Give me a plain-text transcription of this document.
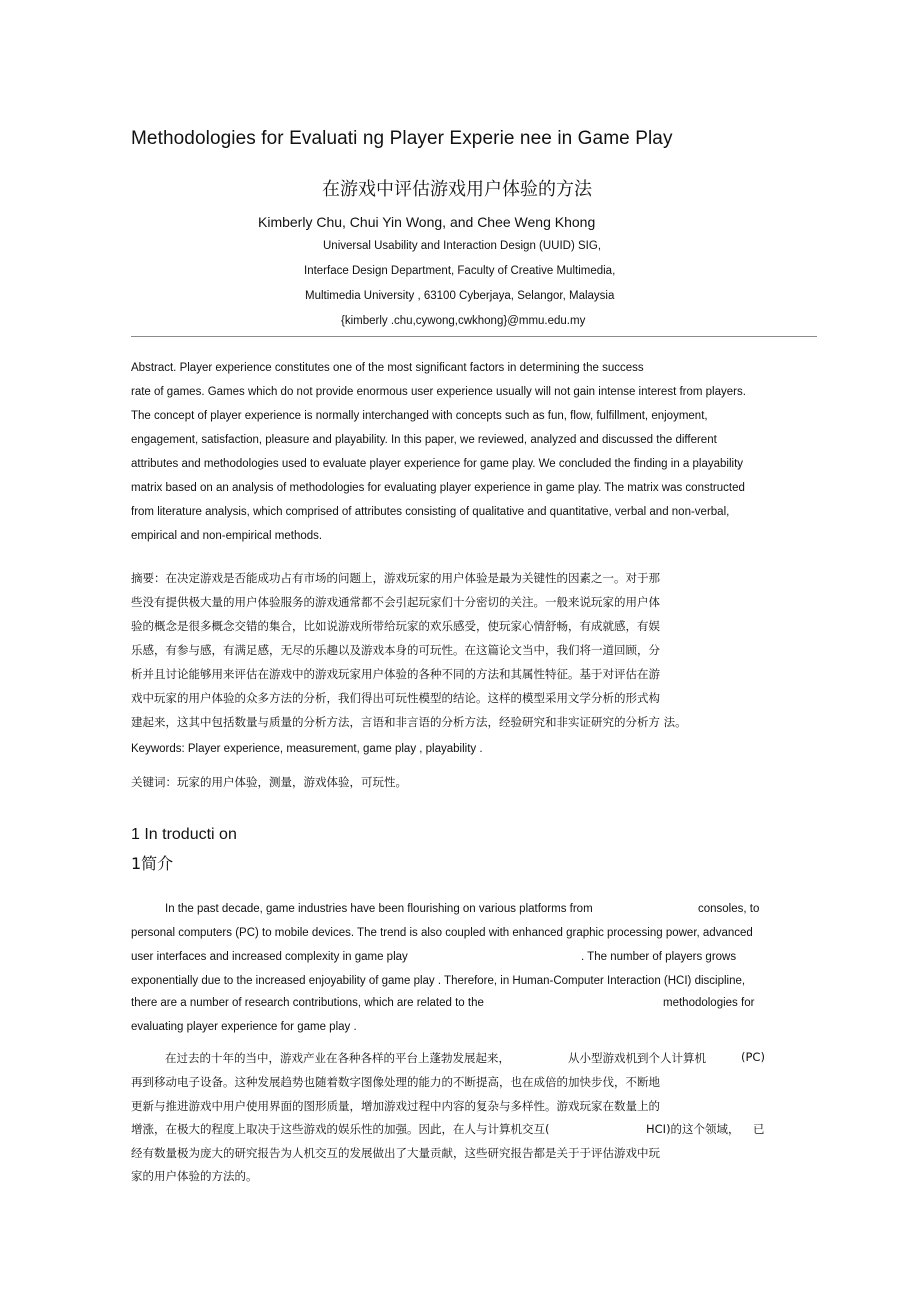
Methodologies for Evaluati ng Player Experie nee in Game Play
在游戏中评估游戏用户体验的方法
Kimberly Chu, Chui Yin Wong, and Chee Weng Khong
Universal Usability and Interaction Design (UUID) SIG,
Interface Design Department, Faculty of Creative Multimedia,
Multimedia University , 63100 Cyberjaya, Selangor, Malaysia
{kimberly .chu,cywong,cwkhong}@mmu.edu.my
Abstract. Player experience constitutes one of the most significant factors in determining the success
rate of games. Games which do not provide enormous user experience usually will not gain intense interest from players.
The concept of player experience is normally interchanged with concepts such as fun, flow, fulfillment, enjoyment,
engagement, satisfaction, pleasure and playability. In this paper, we reviewed, analyzed and discussed the different
attributes and methodologies used to evaluate player experience for game play. We concluded the finding in a playability
matrix based on an analysis of methodologies for evaluating player experience in game play. The matrix was constructed
from literature analysis, which comprised of attributes consisting of qualitative and quantitative, verbal and non-verbal,
empirical and non-empirical methods.
摘要：在决定游戏是否能成功占有市场的问题上，游戏玩家的用户体验是最为关键性的因素之一。对于那
些没有提供极大量的用户体验服务的游戏通常都不会引起玩家们十分密切的关注。一般来说玩家的用户体
验的概念是很多概念交错的集合，比如说游戏所带给玩家的欢乐感受，使玩家心情舒畅，有成就感，有娱
乐感，有参与感，有满足感，无尽的乐趣以及游戏本身的可玩性。在这篇论文当中，我们将一道回顾，分
析并且讨论能够用来评估在游戏中的游戏玩家用户体验的各种不同的方法和其属性特征。基于对评估在游
戏中玩家的用户体验的众多方法的分析，我们得出可玩性模型的结论。这样的模型采用文学分析的形式构
建起来，这其中包括数量与质量的分析方法，言语和非言语的分析方法，经验研究和非实证研究的分析方 法。
Keywords: Player experience, measurement, game play , playability .
关键词：玩家的用户体验，测量，游戏体验，可玩性。
1 In troducti on
1简介
In the past decade, game industries have been flourishing on various platforms from	consoles, to
personal computers (PC) to mobile devices. The trend is also coupled with enhanced graphic processing power, advanced
user interfaces and increased complexity in game play	. The number of players grows
exponentially due to the increased enjoyability of game play . Therefore, in Human-Computer Interaction (HCI) discipline,
there are a number of research contributions, which are related to the	methodologies for
evaluating player experience for game play .
在过去的十年的当中，游戏产业在各种各样的平台上蓬勃发展起来，	从小型游戏机到个人计算机	(PC)
再到移动电子设备。这种发展趋势也随着数字图像处理的能力的不断提高，也在成倍的加快步伐，不断地
更新与推进游戏中用户使用界面的图形质量，增加游戏过程中内容的复杂与多样性。游戏玩家在数量上的
增涨，在极大的程度上取决于这些游戏的娱乐性的加强。因此，在人与计算机交互(	HCI)的这个领域， 已
经有数量极为庞大的研究报告为人机交互的发展做出了大量贡献，这些研究报告都是关于于评估游戏中玩
家的用户体验的方法的。
